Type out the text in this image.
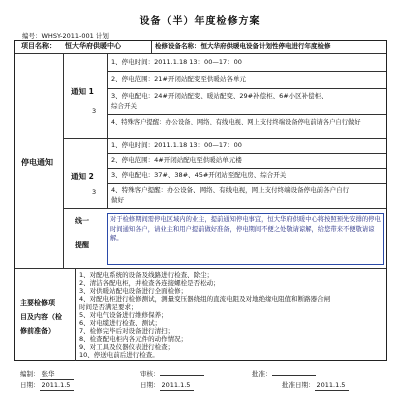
设备（半）年度检修方案
编号：WHSY-2011-001 计划
项目名称： 恒大华府供暖中心	检修设备名称：恒大华府供暖电设备计划性停电进行年度检修
停电通知
通知 1
通知 2
3
3
线一
提醒
1、停电时间：2011.1.18 13：00—17：00
2、停电范围：21#开闭站配变至供暖站各单元
3、停电配电：24#开闭站配变、暖站配变、29#补偿柜、6#小区补偿柜、
综合开关
4、特殊客户提醒：办公设备、网络、有线电视、网上支付终端设备停电前请各户自行做好
1、停电时间：2011.1.18 13：00—17：00
2、停电范围：4#开闭站配电至供暖站单元楼
3、停电配电：37#、38#、45#开闭站至配电房、综合开关
4、特殊客户提醒：办公设备、网络、有线电视，网上支付终端设备停电前各户自行
做好
对于检修期间需停电区域内的业主，提前通知停电事宜，恒大华府供暖中心将按照预先安排的停电时间通知各户，请业主和用户提前做好准备，停电期间不便之处敬请谅解，给您带来不便敬请谅解。
主要检修项
目及内容（检
修前准备）
1、对配电系统的设备及线路进行检查、除尘；
2、清洁各配电柜，并检查各连接螺栓是否松动；
3、对供暖站配电设备进行全面检修；
4、对配电柜进行检修测试，测量变压器绕组的直流电阻及对地绝缘电阻值和断路器合闸
时间是否满足要求；
5、对电气设备进行维修保养；
6、对电缆进行检查、测试；
7、检修完毕后对设备进行清扫；
8、检查配电柜内各元件的动作情况；
9、对工具及仪器仪表进行检查；
10、停送电前后进行检查。
编制： 张华
日期： 2011.1.5
审核：
日期： 2011.1.5
批准：
批准日期： 2011.1.5
